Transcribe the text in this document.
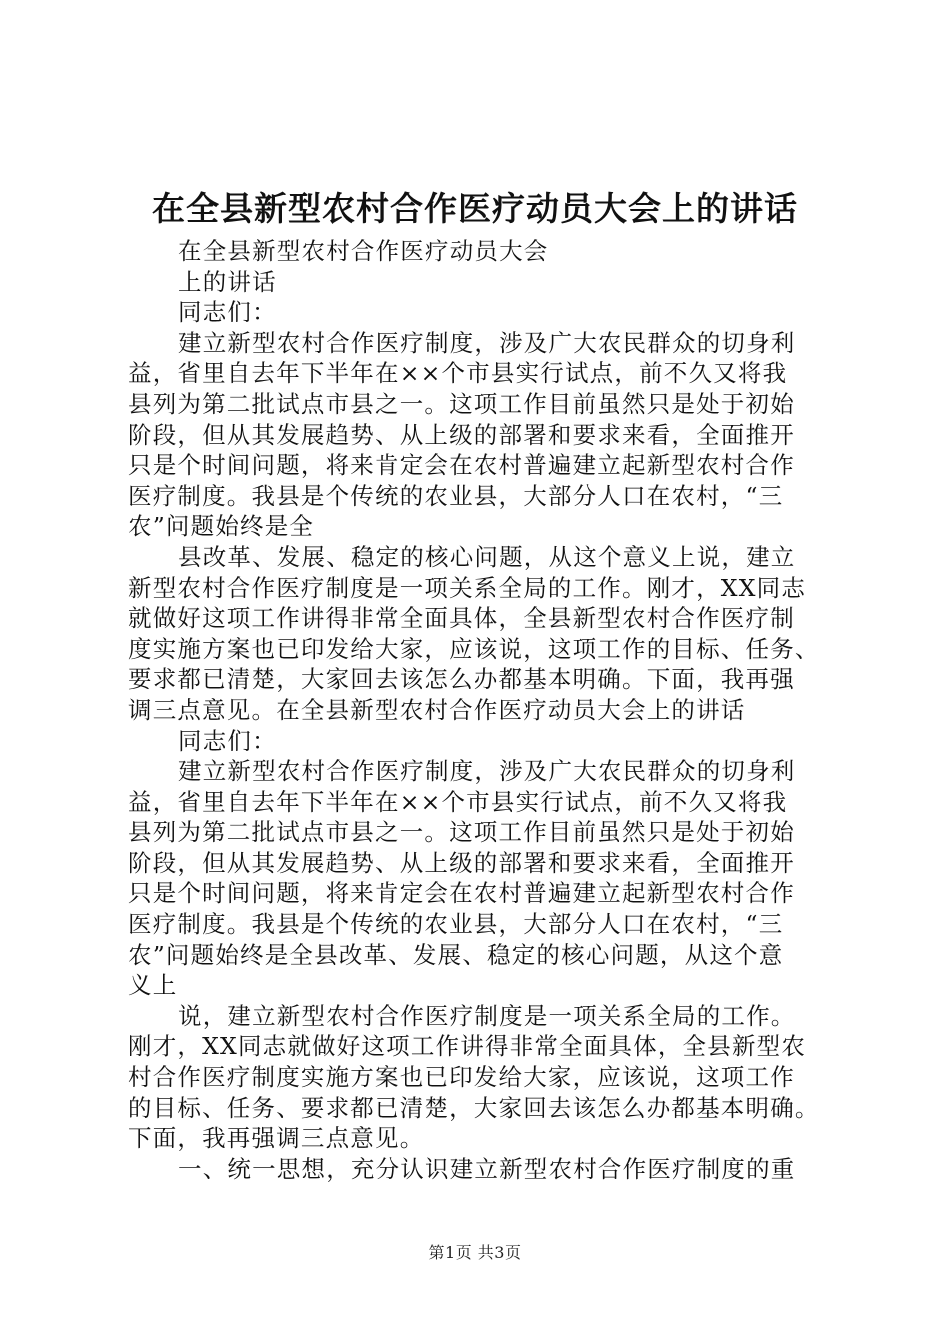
在全县新型农村合作医疗动员大会上的讲话
在全县新型农村合作医疗动员大会
上的讲话
同志们：
建立新型农村合作医疗制度，涉及广大农民群众的切身利
益，省里自去年下半年在××个市县实行试点，前不久又将我
县列为第二批试点市县之一。这项工作目前虽然只是处于初始
阶段，但从其发展趋势、从上级的部署和要求来看，全面推开
只是个时间问题，将来肯定会在农村普遍建立起新型农村合作
医疗制度。我县是个传统的农业县，大部分人口在农村，“三
农”问题始终是全
县改革、发展、稳定的核心问题，从这个意义上说，建立
新型农村合作医疗制度是一项关系全局的工作。刚才，XX同志
就做好这项工作讲得非常全面具体，全县新型农村合作医疗制
度实施方案也已印发给大家，应该说，这项工作的目标、任务、
要求都已清楚，大家回去该怎么办都基本明确。下面，我再强
调三点意见。在全县新型农村合作医疗动员大会上的讲话
同志们：
建立新型农村合作医疗制度，涉及广大农民群众的切身利
益，省里自去年下半年在××个市县实行试点，前不久又将我
县列为第二批试点市县之一。这项工作目前虽然只是处于初始
阶段，但从其发展趋势、从上级的部署和要求来看，全面推开
只是个时间问题，将来肯定会在农村普遍建立起新型农村合作
医疗制度。我县是个传统的农业县，大部分人口在农村，“三
农”问题始终是全县改革、发展、稳定的核心问题，从这个意
义上
说，建立新型农村合作医疗制度是一项关系全局的工作。
刚才，XX同志就做好这项工作讲得非常全面具体，全县新型农
村合作医疗制度实施方案也已印发给大家，应该说，这项工作
的目标、任务、要求都已清楚，大家回去该怎么办都基本明确。
下面，我再强调三点意见。
一、统一思想，充分认识建立新型农村合作医疗制度的重
第1页 共3页
